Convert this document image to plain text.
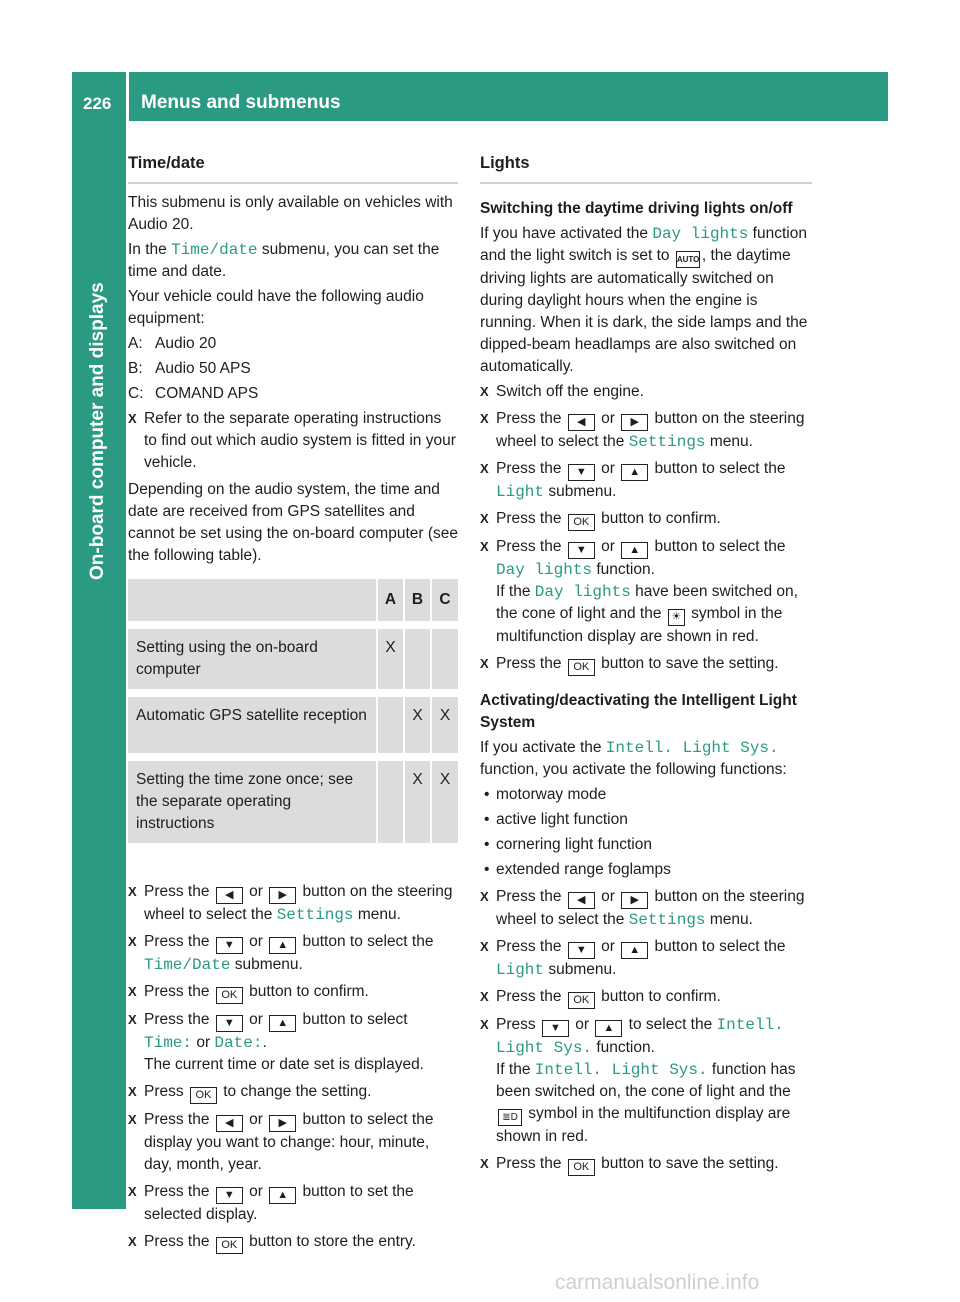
226 Menus and submenus
On-board computer and displays
Time/date

This submenu is only available on vehicles with Audio 20.

In the Time/date submenu, you can set the time and date.

Your vehicle could have the following audio equipment:

A: Audio 20
B: Audio 50 APS
C: COMAND APS
X Refer to the separate operating instructions to find out which audio system is fitted in your vehicle.

Depending on the audio system, the time and date are received from GPS satellites and cannot be set using the on-board computer (see the following table).

	A	B	C
Setting using the on-board computer	X		
Automatic GPS satellite reception		X	X
Setting the time zone once; see the separate operating instructions		X	X
X Press the ◀ or ▶ button on the steering wheel to select the Settings menu.
X Press the ▼ or ▲ button to select the Time/Date submenu.
X Press the OK button to confirm.
X Press the ▼ or ▲ button to select Time: or Date:.
The current time or date set is displayed.
X Press OK to change the setting.
X Press the ◀ or ▶ button to select the display you want to change: hour, minute, day, month, year.
X Press the ▼ or ▲ button to set the selected display.
X Press the OK button to store the entry.
Lights
Switching the daytime driving lights on/off

If you have activated the Day lights function and the light switch is set to AUTO , the daytime driving lights are automatically switched on during daylight hours when the engine is running. When it is dark, the side lamps and the dipped-beam headlamps are also switched on automatically.

X Switch off the engine.
X Press the ◀ or ▶ button on the steering wheel to select the Settings menu.
X Press the ▼ or ▲ button to select the Light submenu.
X Press the OK button to confirm.
X Press the ▼ or ▲ button to select the Day lights function.
If the Day lights have been switched on, the cone of light and the ☀ symbol in the multifunction display are shown in red.
X Press the OK button to save the setting.
Activating/deactivating the Intelligent Light System

If you activate the Intell. Light Sys. function, you activate the following functions:

• motorway mode
• active light function
• cornering light function
• extended range foglamps
X Press the ◀ or ▶ button on the steering wheel to select the Settings menu.
X Press the ▼ or ▲ button to select the Light submenu.
X Press the OK button to confirm.
X Press ▼ or ▲ to select the Intell. Light Sys. function.
If the Intell. Light Sys. function has been switched on, the cone of light and the ≣D symbol in the multifunction display are shown in red.
X Press the OK button to save the setting.
carmanualsonline.info
